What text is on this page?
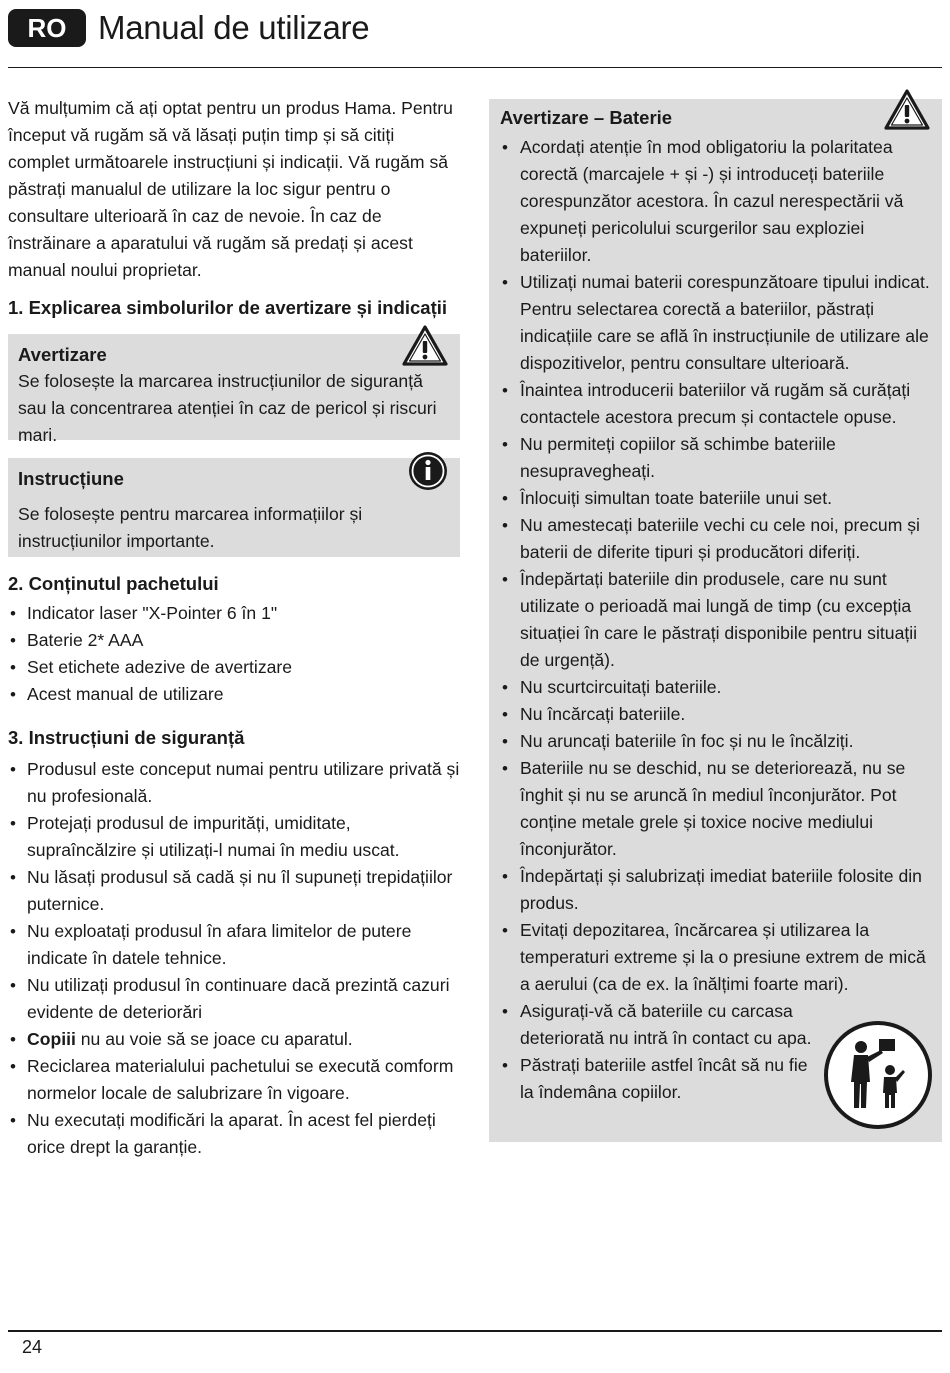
RO Manual de utilizare

Vă mulțumim că ați optat pentru un produs Hama. Pentru început vă rugăm să vă lăsați puțin timp și să citiți complet următoarele instrucțiuni și indicații. Vă rugăm să păstrați manualul de utilizare la loc sigur pentru o consultare ulterioară în caz de nevoie. În caz de înstrăinare a aparatului vă rugăm să predați și acest manual noului proprietar.

1. Explicarea simbolurilor de avertizare și indicații
Avertizare

Se folosește la marcarea instrucțiunilor de siguranță sau la concentrarea atenției în caz de pericol și riscuri mari.

Instrucțiune

Se folosește pentru marcarea informațiilor și instrucțiunilor importante.

2. Conținutul pachetului
• Indicator laser "X-Pointer 6 în 1"
• Baterie 2* AAA
• Set etichete adezive de avertizare
• Acest manual de utilizare
3. Instrucțiuni de siguranță
• Produsul este conceput numai pentru utilizare privată și nu profesională.
• Protejați produsul de impurități, umiditate, supraîncălzire și utilizați-l numai în mediu uscat.
• Nu lăsați produsul să cadă și nu îl supuneți trepidațiilor puternice.
• Nu exploatați produsul în afara limitelor de putere indicate în datele tehnice.
• Nu utilizați produsul în continuare dacă prezintă cazuri evidente de deteriorări
• Copiii nu au voie să se joace cu aparatul.
• Reciclarea materialului pachetului se execută comform normelor locale de salubrizare în vigoare.
• Nu executați modificări la aparat. În acest fel pierdeți orice drept la garanție.
Avertizare – Baterie
• Acordați atenție în mod obligatoriu la polaritatea corectă (marcajele + și -) și introduceți bateriile corespunzător acestora. În cazul nerespectării vă expuneți pericolului scurgerilor sau exploziei bateriilor.
• Utilizați numai baterii corespunzătoare tipului indicat. Pentru selectarea corectă a bateriilor, păstrați indicațiile care se află în instrucțiunile de utilizare ale dispozitivelor, pentru consultare ulterioară.
• Înaintea introducerii bateriilor vă rugăm să curățați contactele acestora precum și contactele opuse.
• Nu permiteți copiilor să schimbe bateriile nesupravegheați.
• Înlocuiți simultan toate bateriile unui set.
• Nu amestecați bateriile vechi cu cele noi, precum și baterii de diferite tipuri și producători diferiți.
• Îndepărtați bateriile din produsele, care nu sunt utilizate o perioadă mai lungă de timp (cu excepția situației în care le păstrați disponibile pentru situații de urgență).
• Nu scurtcircuitați bateriile.
• Nu încărcați bateriile.
• Nu aruncați bateriile în foc și nu le încălziți.
• Bateriile nu se deschid, nu se deteriorează, nu se înghit și nu se aruncă în mediul înconjurător. Pot conține metale grele și toxice nocive mediului înconjurător.
• Îndepărtați și salubrizați imediat bateriile folosite din produs.
• Evitați depozitarea, încărcarea și utilizarea la temperaturi extreme și la o presiune extrem de mică a aerului (ca de ex. la înălțimi foarte mari).
• Asigurați-vă că bateriile cu carcasa deteriorată nu intră în contact cu apa.
• Păstrați bateriile astfel încât să nu fie la îndemâna copiilor.
24
